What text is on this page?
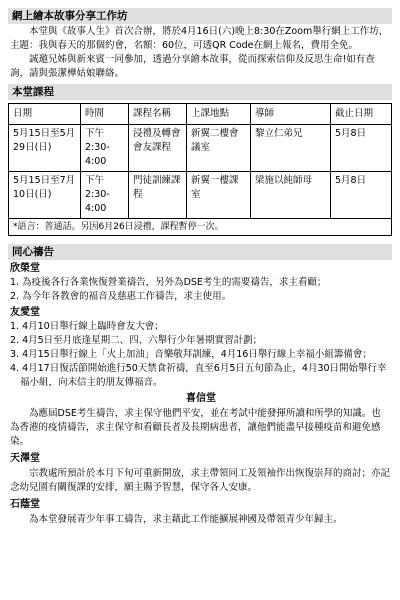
網上繪本故事分享工作坊

本堂與《故事人生》首次合辦，將於4月16日(六)晚上8:30在Zoom舉行網上工作坊，主題：我與春天的那個約會，名額：60位，可透QR Code在網上報名，費用全免。

誠邀兄姊與新來賓一同參加，透過分享繪本故事，從而探索信仰及反思生命!如有查詢，請與張潔樺姑娘聯絡。

本堂課程
日期	時間	課程名稱	上課地點	導師	截止日期
5月15日至5月29日(日)	下午2:30-4:00	浸禮及轉會會友課程	新翼二樓會議室	黎立仁弟兄	5月8日
5月15日至7月10日(日)	下午2:30-4:00	門徒訓練課程	新翼一樓課室	梁施以純師母	5月8日
*語言：普通話。另因6月26日浸禮，課程暫停一次。
同心禱告
欣榮堂

1. 為疫後各行各業恢復營業禱告，另外為DSE考生的需要禱告，求主看顧；

2. 為今年各教會的福音及慈惠工作禱告，求主使用。

友愛堂

1. 4月10日舉行線上臨時會友大會；

2. 4月5日至月底逢星期二、四、六舉行少年暑期實習計劃；

3. 4月15日舉行線上「火上加油」音樂敬拜訓練，4月16日舉行線上幸福小組籌備會；

4. 4月17日復活節開始進行50天禁食祈禱，直至6月5日五旬節為止，4月30日開始舉行幸福小組，向未信主的朋友傳福音。

喜信堂

為應屆DSE考生禱告，求主保守他們平安，並在考試中能發揮所讀和所學的知識。也為香港的疫情禱告，求主保守和看顧長者及長期病患者，讓他們能盡早接種疫苗和避免感染。

天澤堂

宗教處所預計於本月下旬可重新開放，求主帶領同工及領袖作出恢復崇拜的商討；亦記念幼兒園有關復課的安排，願主賜予智慧，保守各人安康。

石蔭堂

為本堂發展青少年事工禱告，求主藉此工作能擴展神國及帶領青少年歸主。
